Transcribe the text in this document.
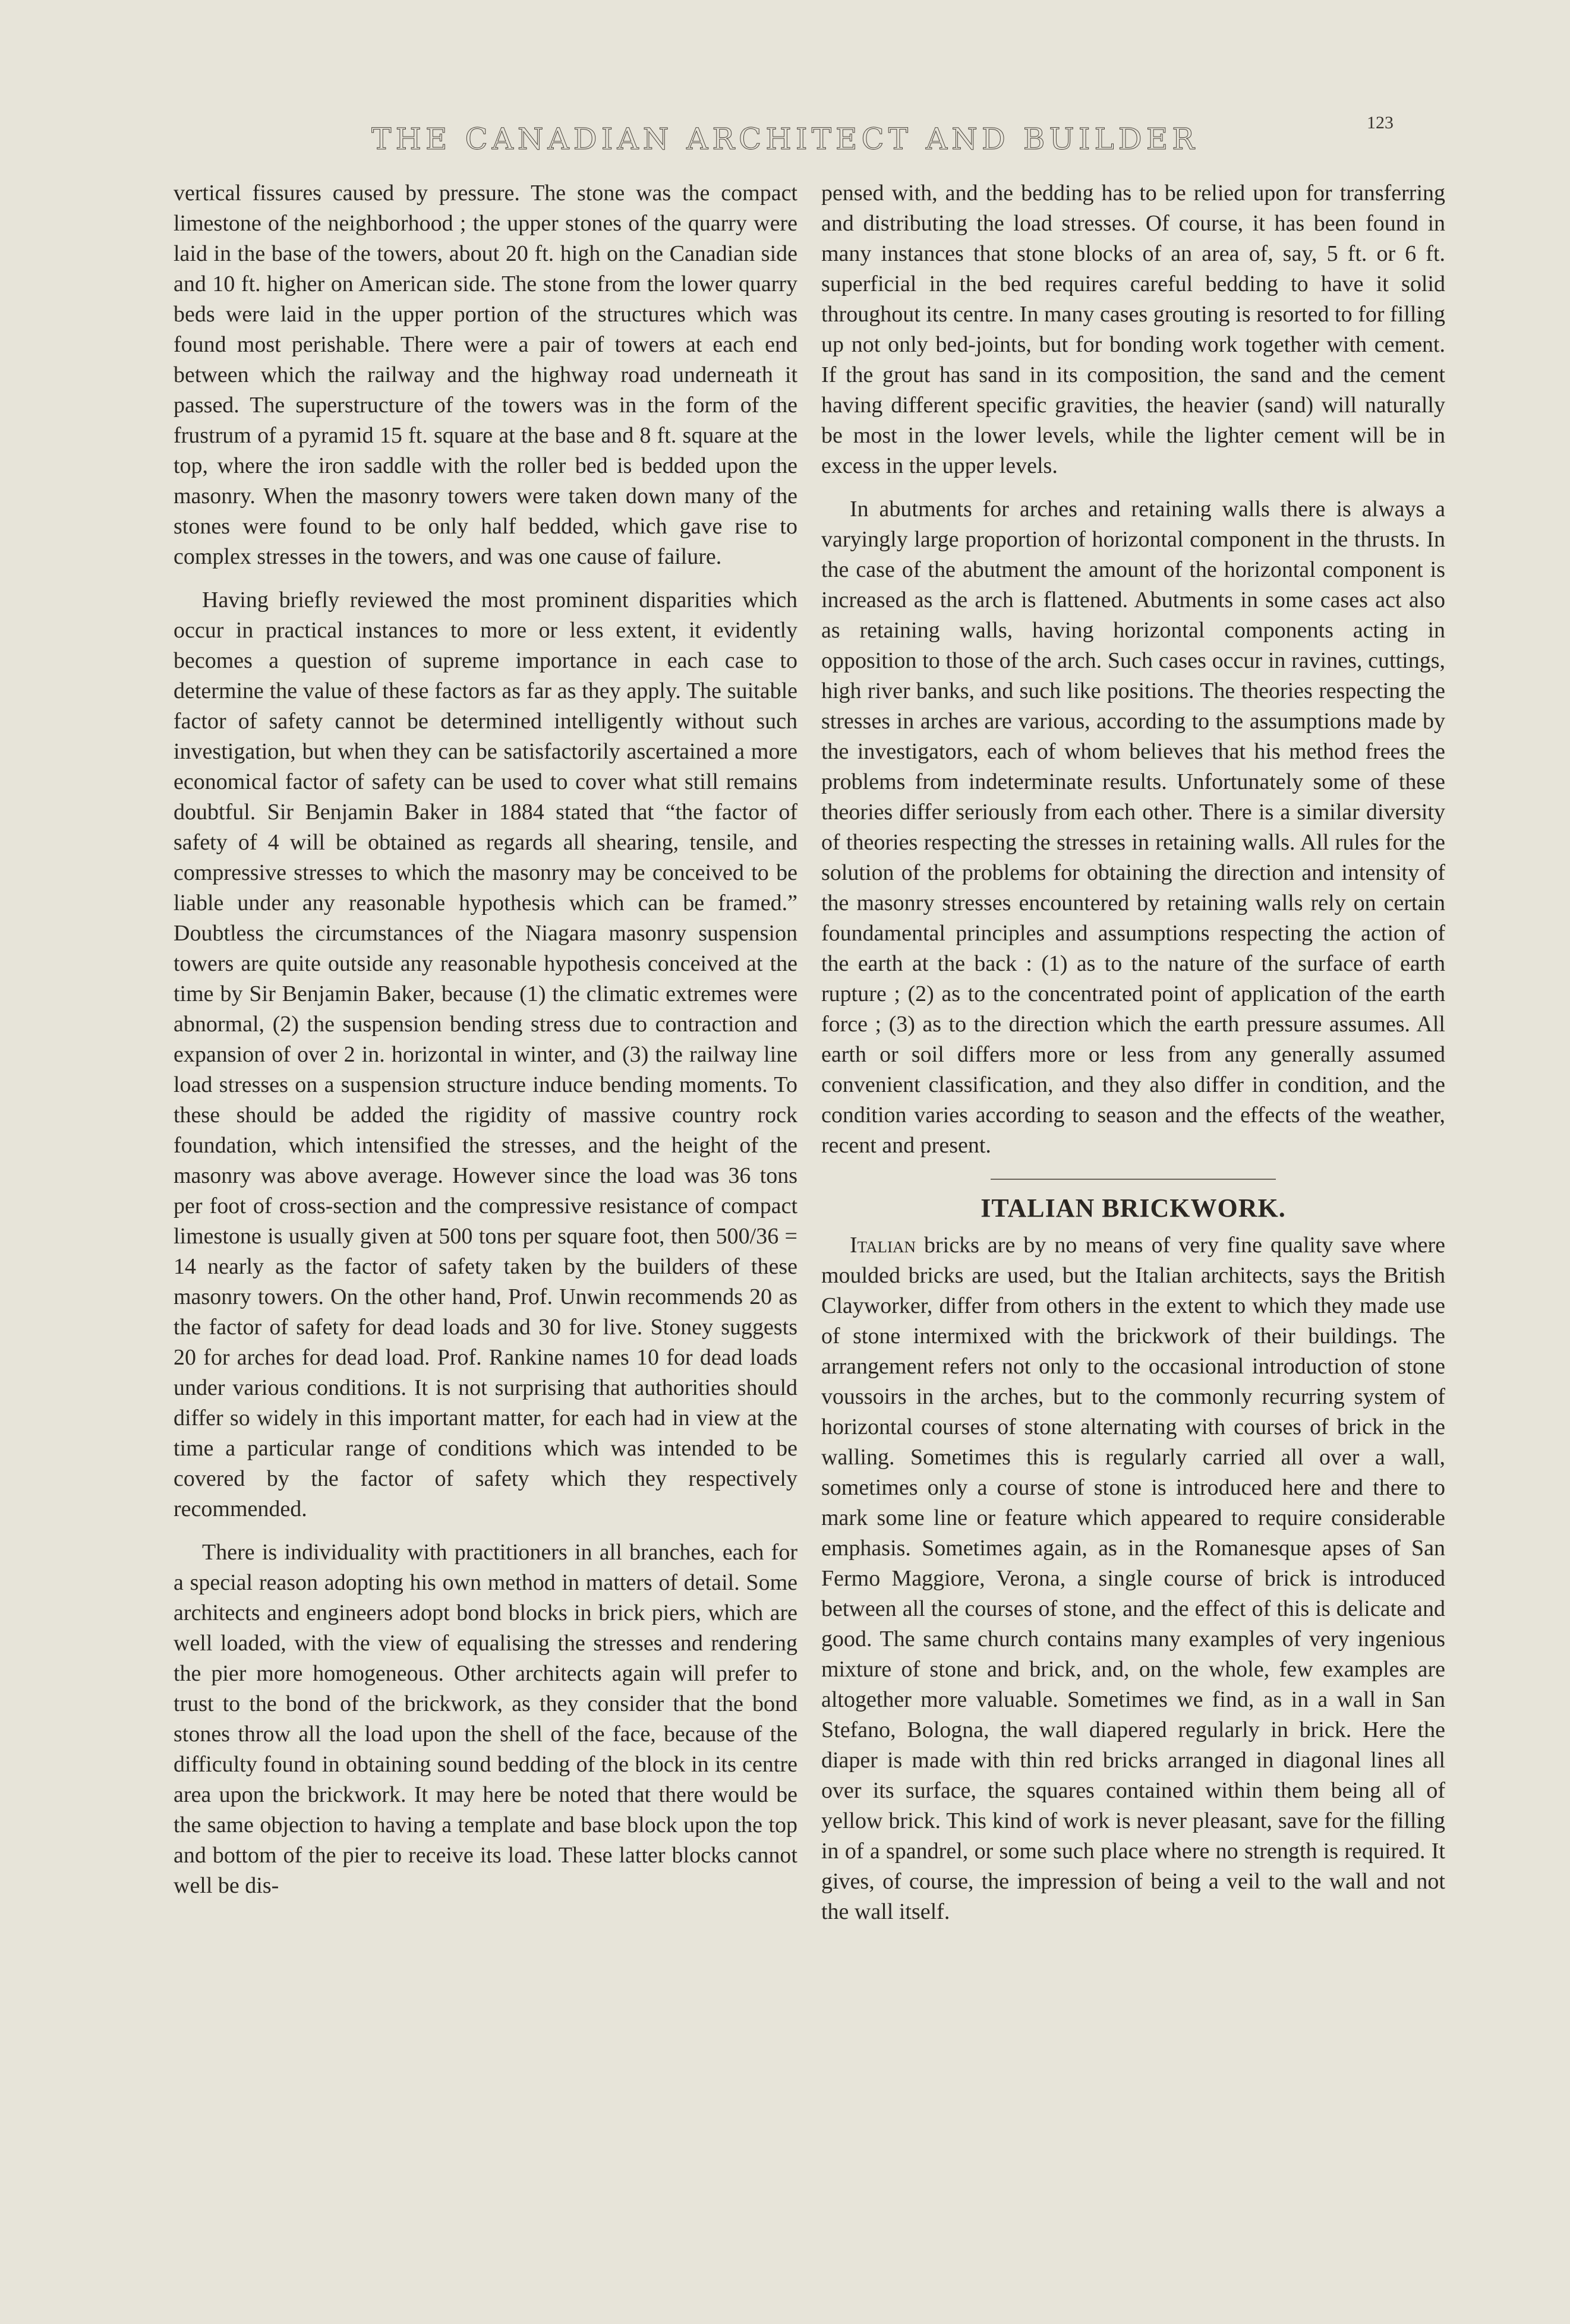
THE CANADIAN ARCHITECT AND BUILDER	123

vertical fissures caused by pressure. The stone was the compact limestone of the neighborhood ; the upper stones of the quarry were laid in the base of the towers, about 20 ft. high on the Canadian side and 10 ft. higher on American side. The stone from the lower quarry beds were laid in the upper portion of the structures which was found most perishable. There were a pair of towers at each end between which the railway and the highway road underneath it passed. The superstructure of the towers was in the form of the frustrum of a pyramid 15 ft. square at the base and 8 ft. square at the top, where the iron saddle with the roller bed is bedded upon the masonry. When the masonry towers were taken down many of the stones were found to be only half bedded, which gave rise to complex stresses in the towers, and was one cause of failure.

Having briefly reviewed the most prominent disparities which occur in practical instances to more or less extent, it evidently becomes a question of supreme importance in each case to determine the value of these factors as far as they apply. The suitable factor of safety cannot be determined intelligently without such investigation, but when they can be satisfactorily ascertained a more economical factor of safety can be used to cover what still remains doubtful. Sir Benjamin Baker in 1884 stated that “the factor of safety of 4 will be obtained as regards all shearing, tensile, and compressive stresses to which the masonry may be conceived to be liable under any reasonable hypothesis which can be framed.” Doubtless the circumstances of the Niagara masonry suspension towers are quite outside any reasonable hypothesis conceived at the time by Sir Benjamin Baker, because (1) the climatic extremes were abnormal, (2) the suspension bending stress due to contraction and expansion of over 2 in. horizontal in winter, and (3) the railway line load stresses on a suspension structure induce bending moments. To these should be added the rigidity of massive country rock foundation, which intensified the stresses, and the height of the masonry was above average. However since the load was 36 tons per foot of cross-section and the compressive resistance of compact limestone is usually given at 500 tons per square foot, then 500/36 = 14 nearly as the factor of safety taken by the builders of these masonry towers. On the other hand, Prof. Unwin recommends 20 as the factor of safety for dead loads and 30 for live. Stoney suggests 20 for arches for dead load. Prof. Rankine names 10 for dead loads under various conditions. It is not surprising that authorities should differ so widely in this important matter, for each had in view at the time a particular range of conditions which was intended to be covered by the factor of safety which they respectively recommended.

There is individuality with practitioners in all branches, each for a special reason adopting his own method in matters of detail. Some architects and engineers adopt bond blocks in brick piers, which are well loaded, with the view of equalising the stresses and rendering the pier more homogeneous. Other architects again will prefer to trust to the bond of the brickwork, as they consider that the bond stones throw all the load upon the shell of the face, because of the difficulty found in obtaining sound bedding of the block in its centre area upon the brickwork. It may here be noted that there would be the same objection to having a template and base block upon the top and bottom of the pier to receive its load. These latter blocks cannot well be dis-

pensed with, and the bedding has to be relied upon for transferring and distributing the load stresses. Of course, it has been found in many instances that stone blocks of an area of, say, 5 ft. or 6 ft. superficial in the bed requires careful bedding to have it solid throughout its centre. In many cases grouting is resorted to for filling up not only bed-joints, but for bonding work together with cement. If the grout has sand in its composition, the sand and the cement having different specific gravities, the heavier (sand) will naturally be most in the lower levels, while the lighter cement will be in excess in the upper levels.

In abutments for arches and retaining walls there is always a varyingly large proportion of horizontal component in the thrusts. In the case of the abutment the amount of the horizontal component is increased as the arch is flattened. Abutments in some cases act also as retaining walls, having horizontal components acting in opposition to those of the arch. Such cases occur in ravines, cuttings, high river banks, and such like positions. The theories respecting the stresses in arches are various, according to the assumptions made by the investigators, each of whom believes that his method frees the problems from indeterminate results. Unfortunately some of these theories differ seriously from each other. There is a similar diversity of theories respecting the stresses in retaining walls. All rules for the solution of the problems for obtaining the direction and intensity of the masonry stresses encountered by retaining walls rely on certain foundamental principles and assumptions respecting the action of the earth at the back : (1) as to the nature of the surface of earth rupture ; (2) as to the concentrated point of application of the earth force ; (3) as to the direction which the earth pressure assumes. All earth or soil differs more or less from any generally assumed convenient classification, and they also differ in condition, and the condition varies according to season and the effects of the weather, recent and present.

ITALIAN BRICKWORK.

Italian bricks are by no means of very fine quality save where moulded bricks are used, but the Italian architects, says the British Clayworker, differ from others in the extent to which they made use of stone intermixed with the brickwork of their buildings. The arrangement refers not only to the occasional introduction of stone voussoirs in the arches, but to the commonly recurring system of horizontal courses of stone alternating with courses of brick in the walling. Sometimes this is regularly carried all over a wall, sometimes only a course of stone is introduced here and there to mark some line or feature which appeared to require considerable emphasis. Sometimes again, as in the Romanesque apses of San Fermo Maggiore, Verona, a single course of brick is introduced between all the courses of stone, and the effect of this is delicate and good. The same church contains many examples of very ingenious mixture of stone and brick, and, on the whole, few examples are altogether more valuable. Sometimes we find, as in a wall in San Stefano, Bologna, the wall diapered regularly in brick. Here the diaper is made with thin red bricks arranged in diagonal lines all over its surface, the squares contained within them being all of yellow brick. This kind of work is never pleasant, save for the filling in of a spandrel, or some such place where no strength is required. It gives, of course, the impression of being a veil to the wall and not the wall itself.
